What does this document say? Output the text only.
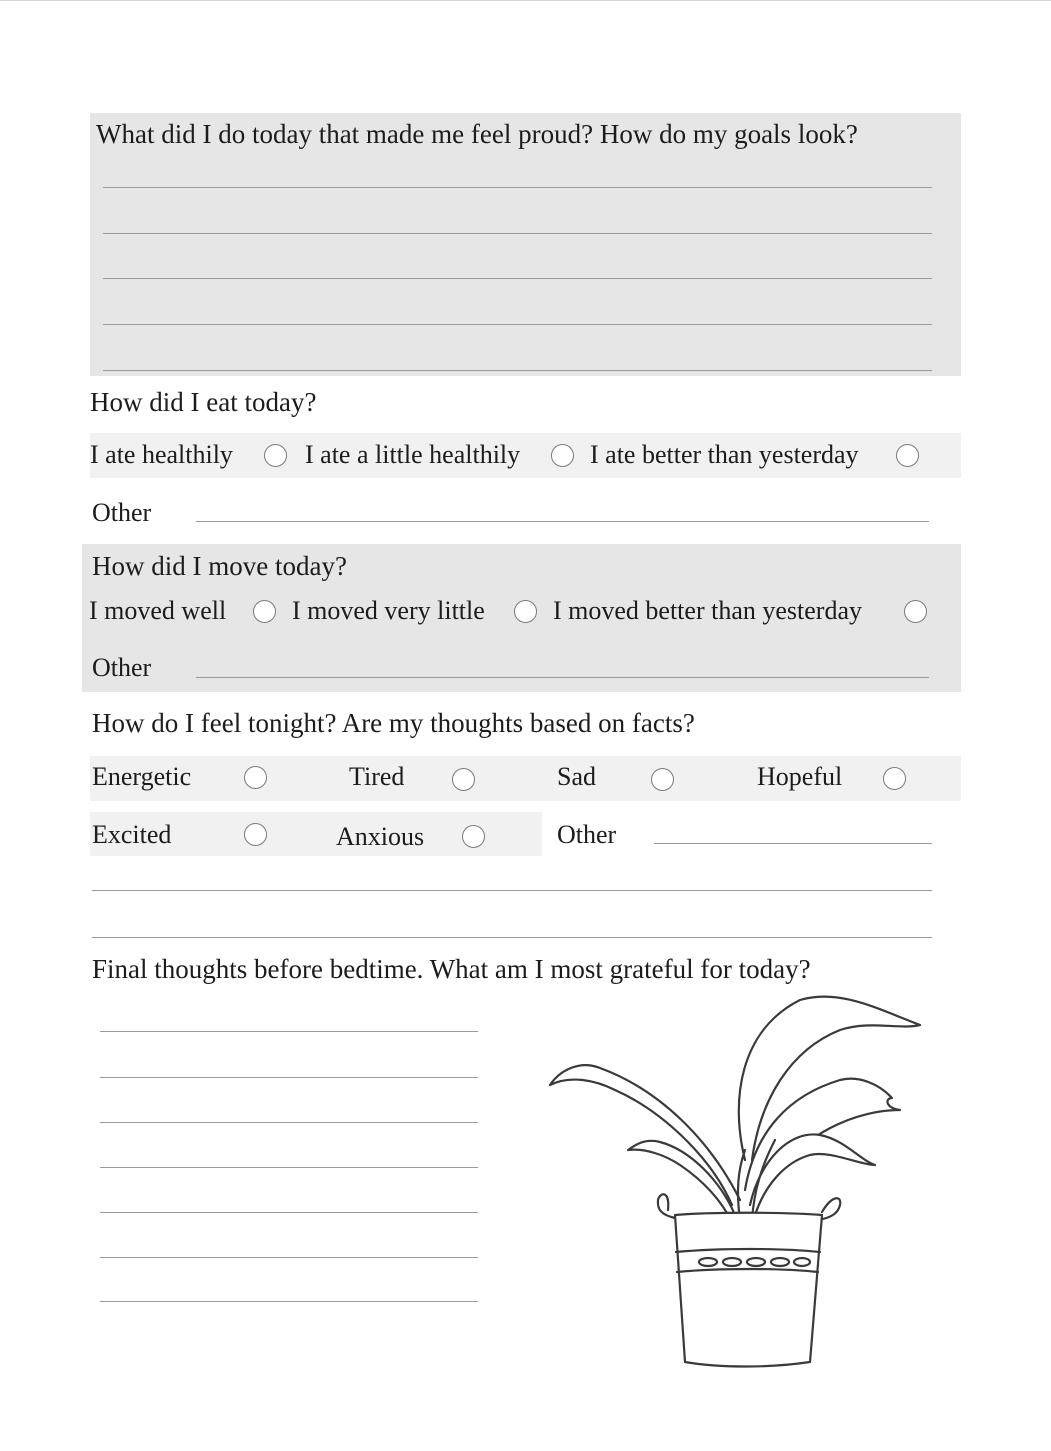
What did I do today that made me feel proud? How do my goals look?
How did I eat today?
I ate healthily	I ate a little healthily	I ate better than yesterday
Other
How did I move today?
I moved well	I moved very little	I moved better than yesterday
Other
How do I feel tonight? Are my thoughts based on facts?
Energetic	Tired	Sad	Hopeful
Excited	Anxious	Other
Final thoughts before bedtime. What am I most grateful for today?
